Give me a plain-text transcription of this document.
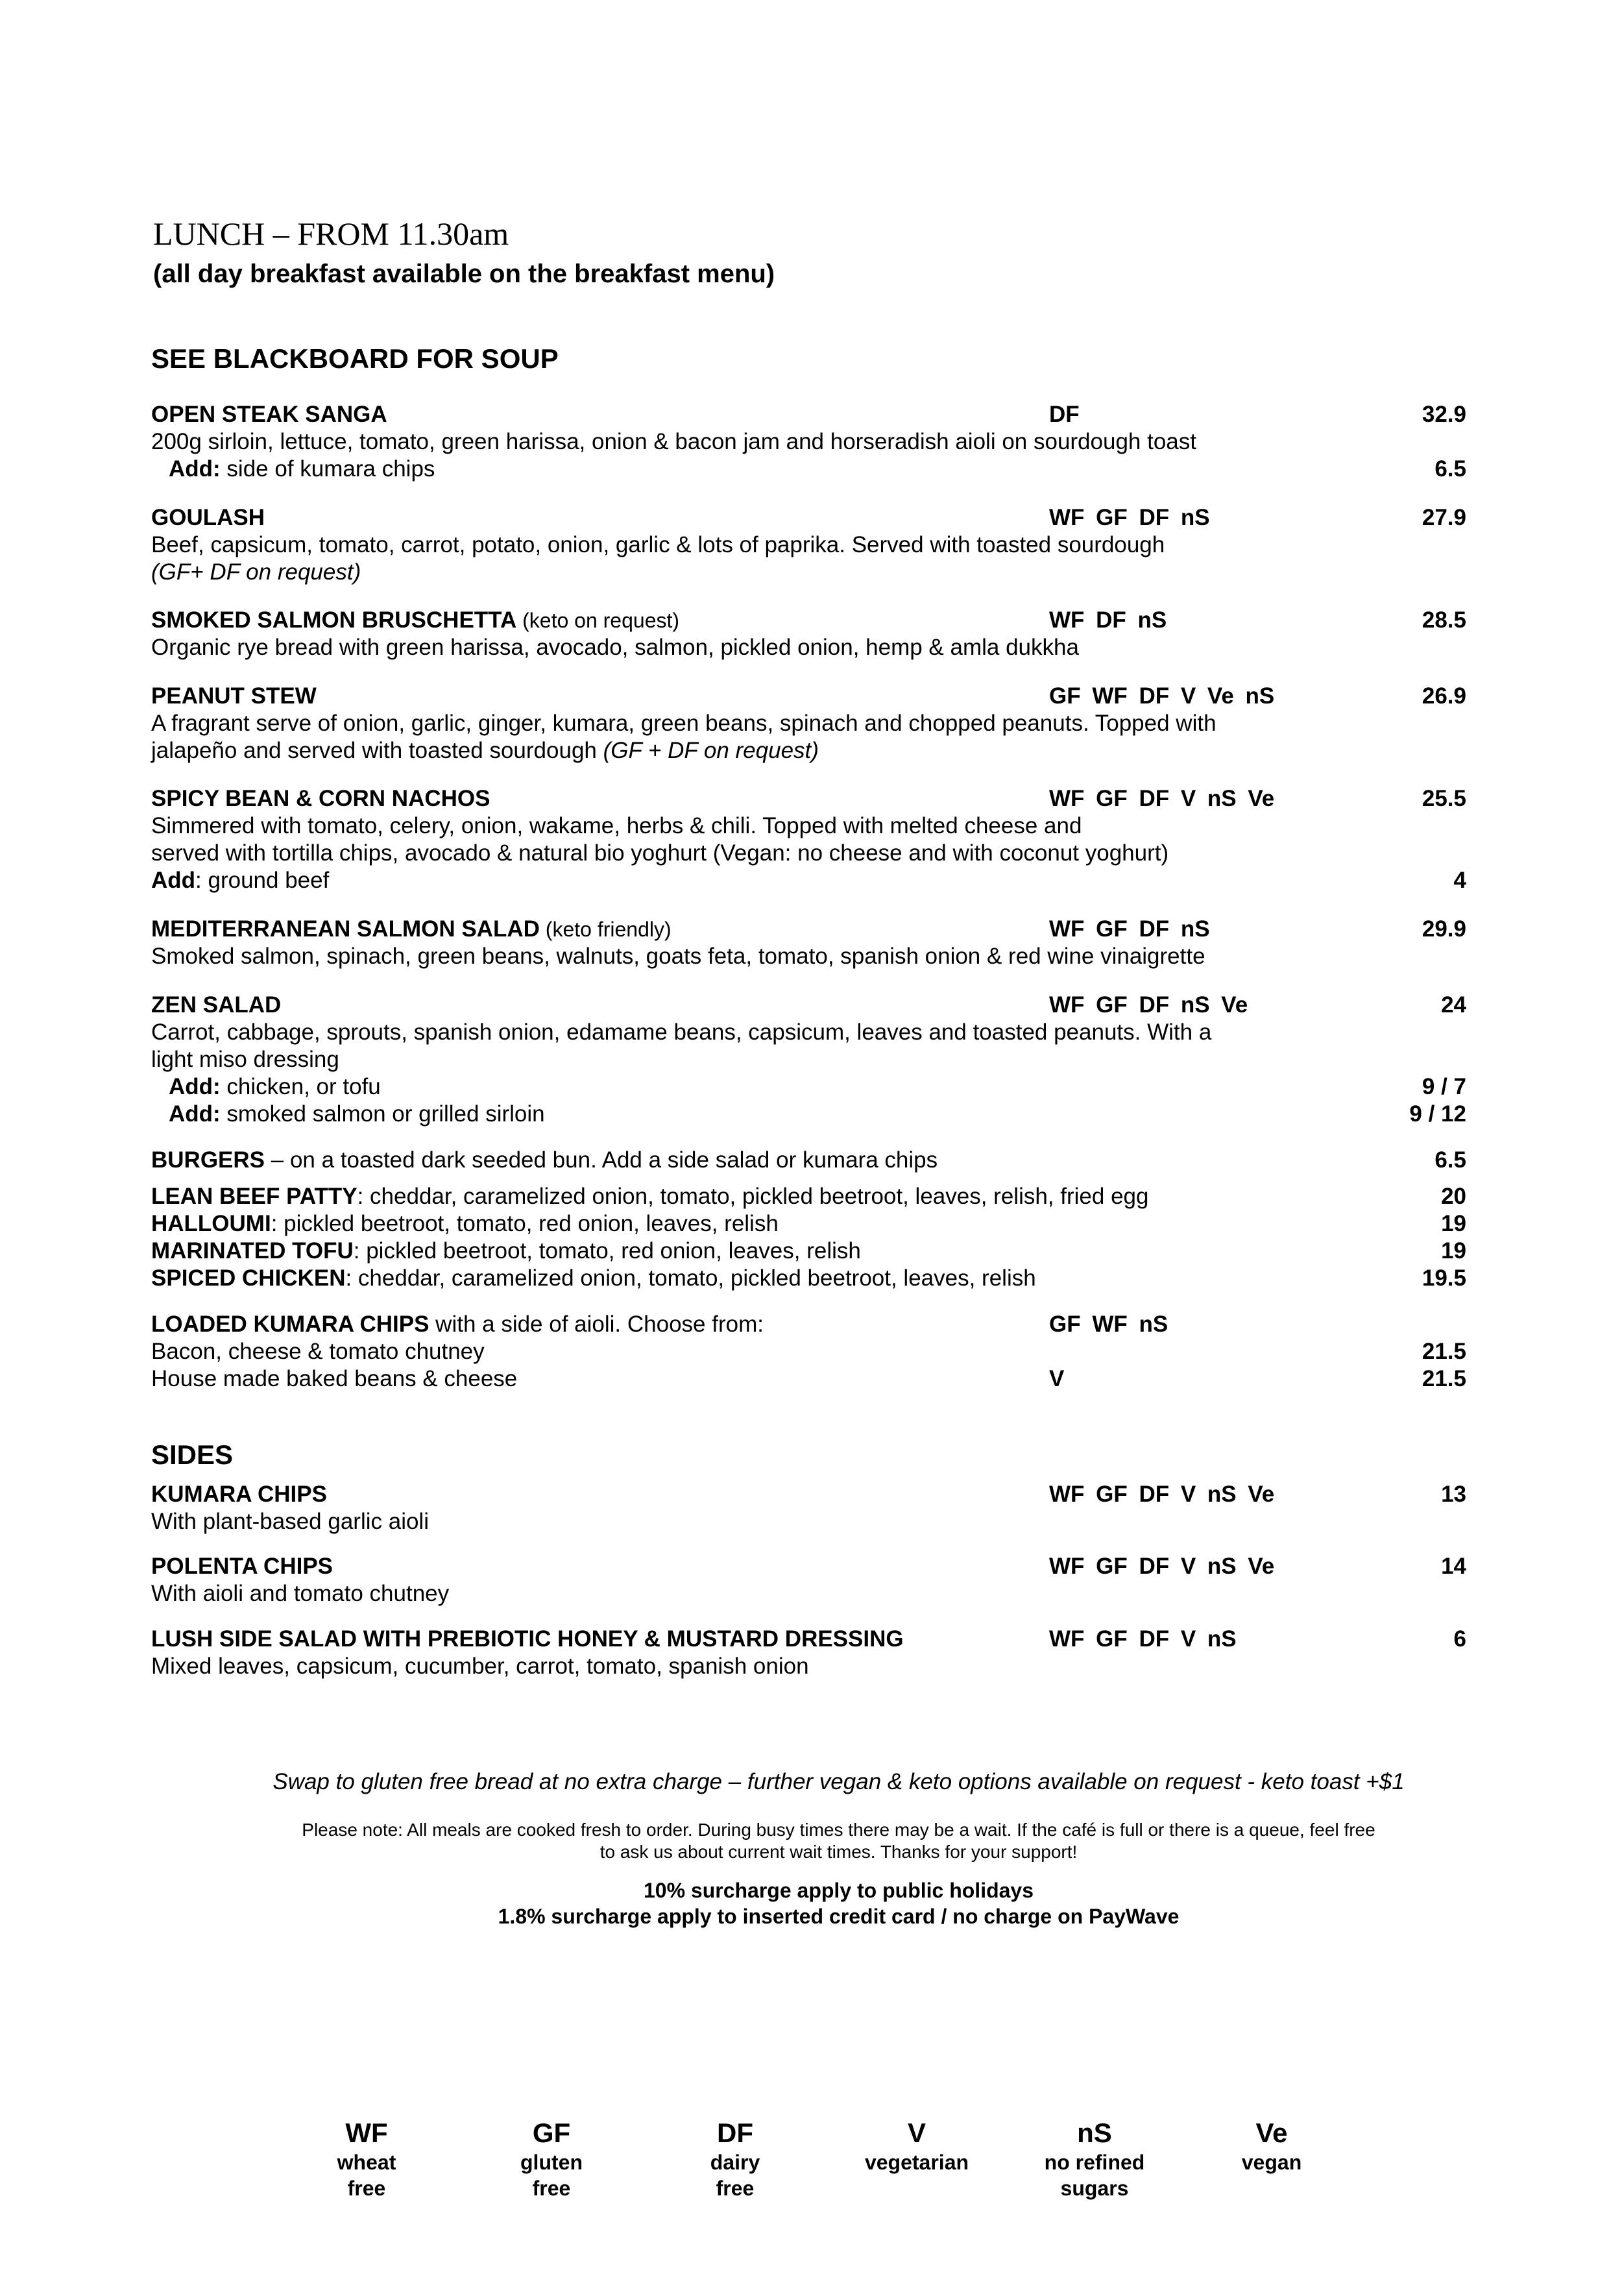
LUNCH – FROM 11.30am
(all day breakfast available on the breakfast menu)
SEE BLACKBOARD FOR SOUP
OPEN STEAK SANGA	DF	32.9
200g sirloin, lettuce, tomato, green harissa, onion & bacon jam and horseradish aioli on sourdough toast
Add: side of kumara chips	6.5
GOULASH	WF GF DF nS	27.9
Beef, capsicum, tomato, carrot, potato, onion, garlic & lots of paprika. Served with toasted sourdough
(GF+ DF on request)
SMOKED SALMON BRUSCHETTA (keto on request)	WF DF nS	28.5
Organic rye bread with green harissa, avocado, salmon, pickled onion, hemp & amla dukkha
PEANUT STEW	GF WF DF V Ve nS	26.9
A fragrant serve of onion, garlic, ginger, kumara, green beans, spinach and chopped peanuts. Topped with
jalapeño and served with toasted sourdough (GF + DF on request)
SPICY BEAN & CORN NACHOS	WF GF DF V nS Ve	25.5
Simmered with tomato, celery, onion, wakame, herbs & chili. Topped with melted cheese and
served with tortilla chips, avocado & natural bio yoghurt (Vegan: no cheese and with coconut yoghurt)
Add: ground beef	4
MEDITERRANEAN SALMON SALAD (keto friendly)	WF GF DF nS	29.9
Smoked salmon, spinach, green beans, walnuts, goats feta, tomato, spanish onion & red wine vinaigrette
ZEN SALAD	WF GF DF nS Ve	24
Carrot, cabbage, sprouts, spanish onion, edamame beans, capsicum, leaves and toasted peanuts. With a
light miso dressing
Add: chicken, or tofu	9 / 7
Add: smoked salmon or grilled sirloin	9 / 12
BURGERS – on a toasted dark seeded bun. Add a side salad or kumara chips	6.5
LEAN BEEF PATTY: cheddar, caramelized onion, tomato, pickled beetroot, leaves, relish, fried egg	20
HALLOUMI: pickled beetroot, tomato, red onion, leaves, relish	19
MARINATED TOFU: pickled beetroot, tomato, red onion, leaves, relish	19
SPICED CHICKEN: cheddar, caramelized onion, tomato, pickled beetroot, leaves, relish	19.5
LOADED KUMARA CHIPS with a side of aioli. Choose from:	GF WF nS
Bacon, cheese & tomato chutney	21.5
House made baked beans & cheese	V	21.5
SIDES
KUMARA CHIPS	WF GF DF V nS Ve	13
With plant-based garlic aioli
POLENTA CHIPS	WF GF DF V nS Ve	14
With aioli and tomato chutney
LUSH SIDE SALAD WITH PREBIOTIC HONEY & MUSTARD DRESSING	WF GF DF V nS	6
Mixed leaves, capsicum, cucumber, carrot, tomato, spanish onion
Swap to gluten free bread at no extra charge – further vegan & keto options available on request - keto toast +$1
Please note: All meals are cooked fresh to order. During busy times there may be a wait. If the café is full or there is a queue, feel free
to ask us about current wait times. Thanks for your support!
10% surcharge apply to public holidays
1.8% surcharge apply to inserted credit card / no charge on PayWave
WF
wheat
free
GF
gluten
free
DF
dairy
free
V
vegetarian
nS
no refined
sugars
Ve
vegan
